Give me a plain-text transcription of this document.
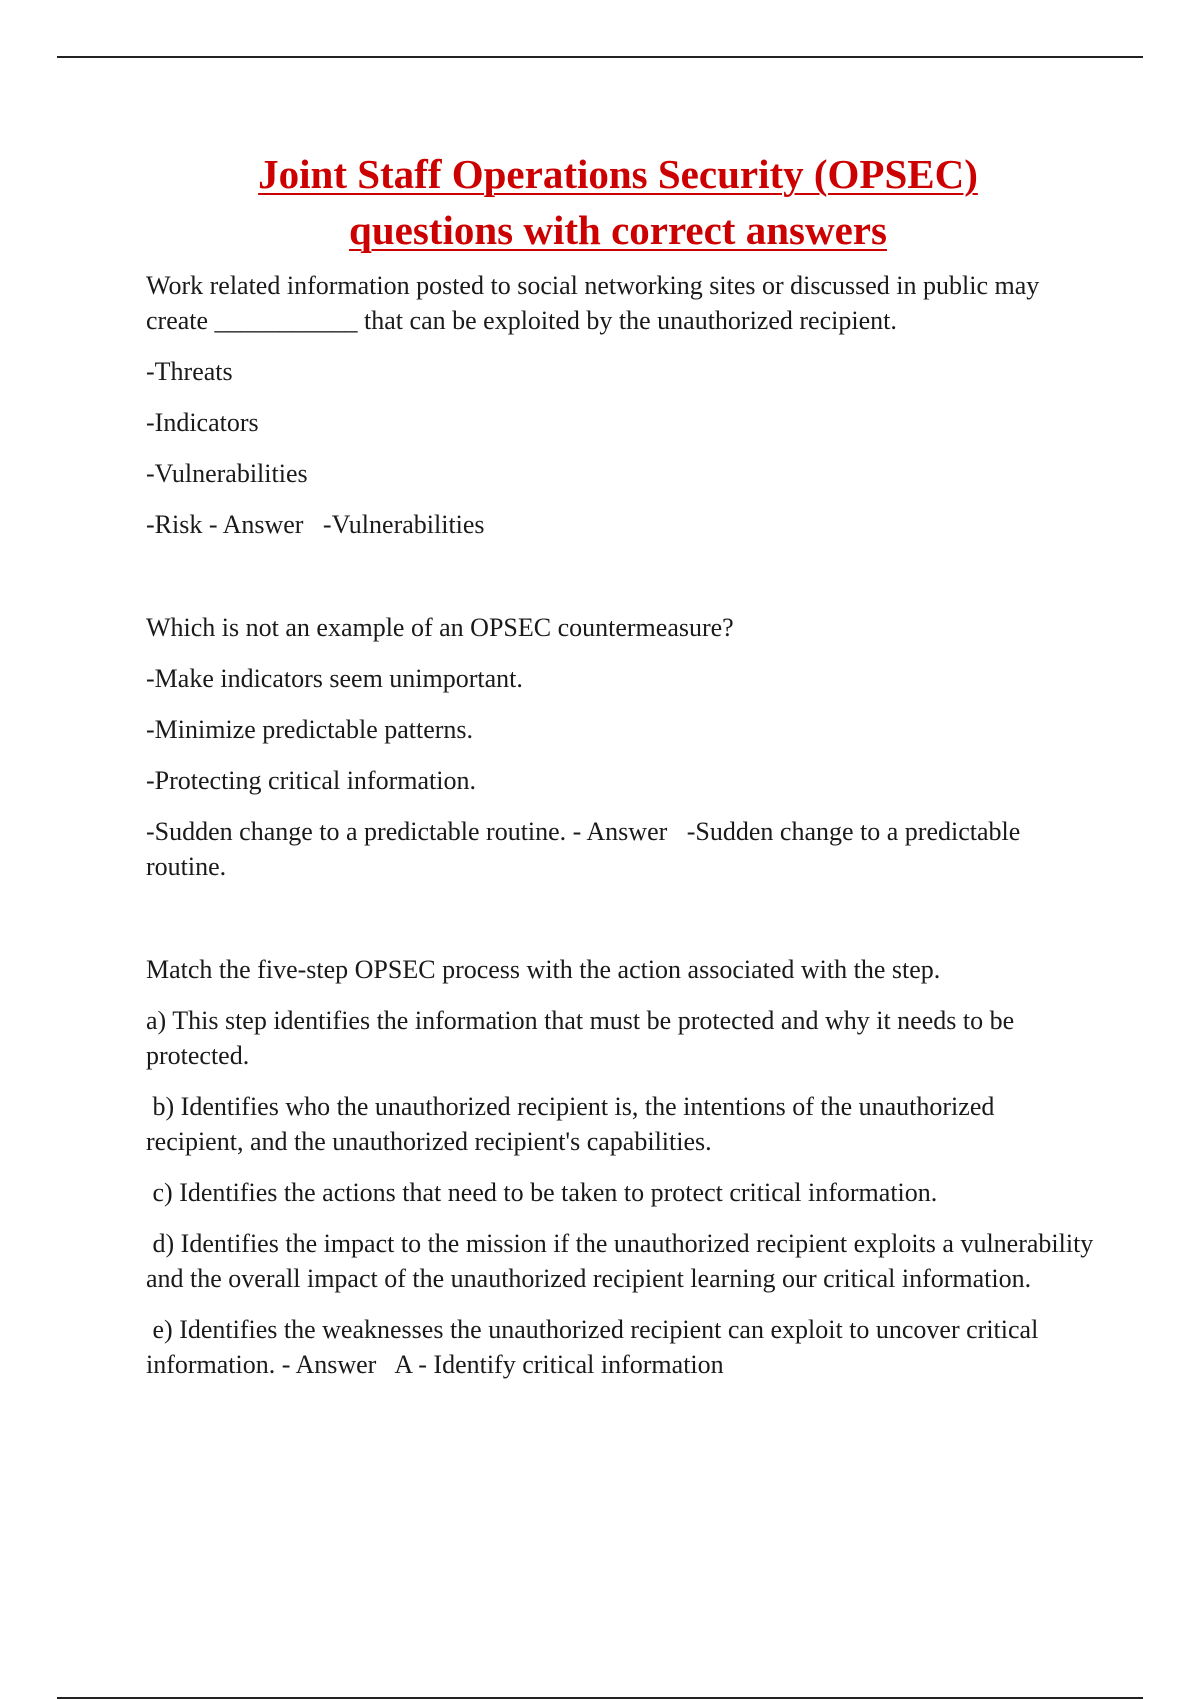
Joint Staff Operations Security (OPSEC)
questions with correct answers

Work related information posted to social networking sites or discussed in public may create ___________ that can be exploited by the unauthorized recipient.

-Threats

-Indicators

-Vulnerabilities

-Risk - Answer   -Vulnerabilities

Which is not an example of an OPSEC countermeasure?

-Make indicators seem unimportant.

-Minimize predictable patterns.

-Protecting critical information.

-Sudden change to a predictable routine. - Answer   -Sudden change to a predictable routine.

Match the five-step OPSEC process with the action associated with the step.

a) This step identifies the information that must be protected and why it needs to be protected.

b) Identifies who the unauthorized recipient is, the intentions of the unauthorized recipient, and the unauthorized recipient's capabilities.

c) Identifies the actions that need to be taken to protect critical information.

d) Identifies the impact to the mission if the unauthorized recipient exploits a vulnerability and the overall impact of the unauthorized recipient learning our critical information.

e) Identifies the weaknesses the unauthorized recipient can exploit to uncover critical information. - Answer   A - Identify critical information
